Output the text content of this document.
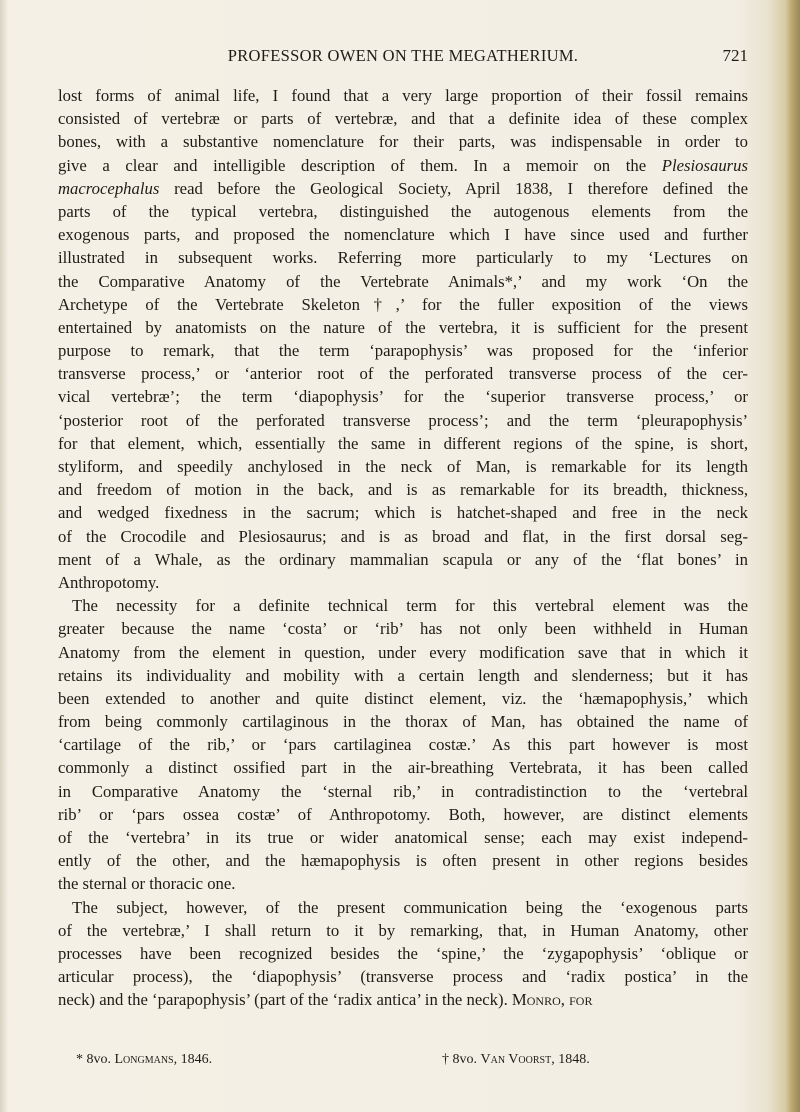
PROFESSOR OWEN ON THE MEGATHERIUM.	721
lost forms of animal life, I found that a very large proportion of their fossil remains
consisted of vertebræ or parts of vertebræ, and that a definite idea of these complex
bones, with a substantive nomenclature for their parts, was indispensable in order to
give a clear and intelligible description of them. In a memoir on the Plesiosaurus
macrocephalus read before the Geological Society, April 1838, I therefore defined the
parts of the typical vertebra, distinguished the autogenous elements from the
exogenous parts, and proposed the nomenclature which I have since used and further
illustrated in subsequent works. Referring more particularly to my ‘Lectures on
the Comparative Anatomy of the Vertebrate Animals*,’ and my work ‘On the
Archetype of the Vertebrate Skeleton†,’ for the fuller exposition of the views
entertained by anatomists on the nature of the vertebra, it is sufficient for the present
purpose to remark, that the term ‘parapophysis’ was proposed for the ‘inferior
transverse process,’ or ‘anterior root of the perforated transverse process of the cer-
vical vertebræ’; the term ‘diapophysis’ for the ‘superior transverse process,’ or
‘posterior root of the perforated transverse process’; and the term ‘pleurapophysis’
for that element, which, essentially the same in different regions of the spine, is short,
styliform, and speedily anchylosed in the neck of Man, is remarkable for its length
and freedom of motion in the back, and is as remarkable for its breadth, thickness,
and wedged fixedness in the sacrum; which is hatchet-shaped and free in the neck
of the Crocodile and Plesiosaurus; and is as broad and flat, in the first dorsal seg-
ment of a Whale, as the ordinary mammalian scapula or any of the ‘flat bones’ in
Anthropotomy.
The necessity for a definite technical term for this vertebral element was the
greater because the name ‘costa’ or ‘rib’ has not only been withheld in Human
Anatomy from the element in question, under every modification save that in which it
retains its individuality and mobility with a certain length and slenderness; but it has
been extended to another and quite distinct element, viz. the ‘hæmapophysis,’ which
from being commonly cartilaginous in the thorax of Man, has obtained the name of
‘cartilage of the rib,’ or ‘pars cartilaginea costæ.’ As this part however is most
commonly a distinct ossified part in the air-breathing Vertebrata, it has been called
in Comparative Anatomy the ‘sternal rib,’ in contradistinction to the ‘vertebral
rib’ or ‘pars ossea costæ’ of Anthropotomy. Both, however, are distinct elements
of the ‘vertebra’ in its true or wider anatomical sense; each may exist independ-
ently of the other, and the hæmapophysis is often present in other regions besides
the sternal or thoracic one.
The subject, however, of the present communication being the ‘exogenous parts
of the vertebræ,’ I shall return to it by remarking, that, in Human Anatomy, other
processes have been recognized besides the ‘spine,’ the ‘zygapophysis’ ‘oblique or
articular process), the ‘diapophysis’ (transverse process and ‘radix postica’ in the
neck) and the ‘parapophysis’ (part of the ‘radix antica’ in the neck). Monro, for
* 8vo. Longmans, 1846.	† 8vo. Van Voorst, 1848.
